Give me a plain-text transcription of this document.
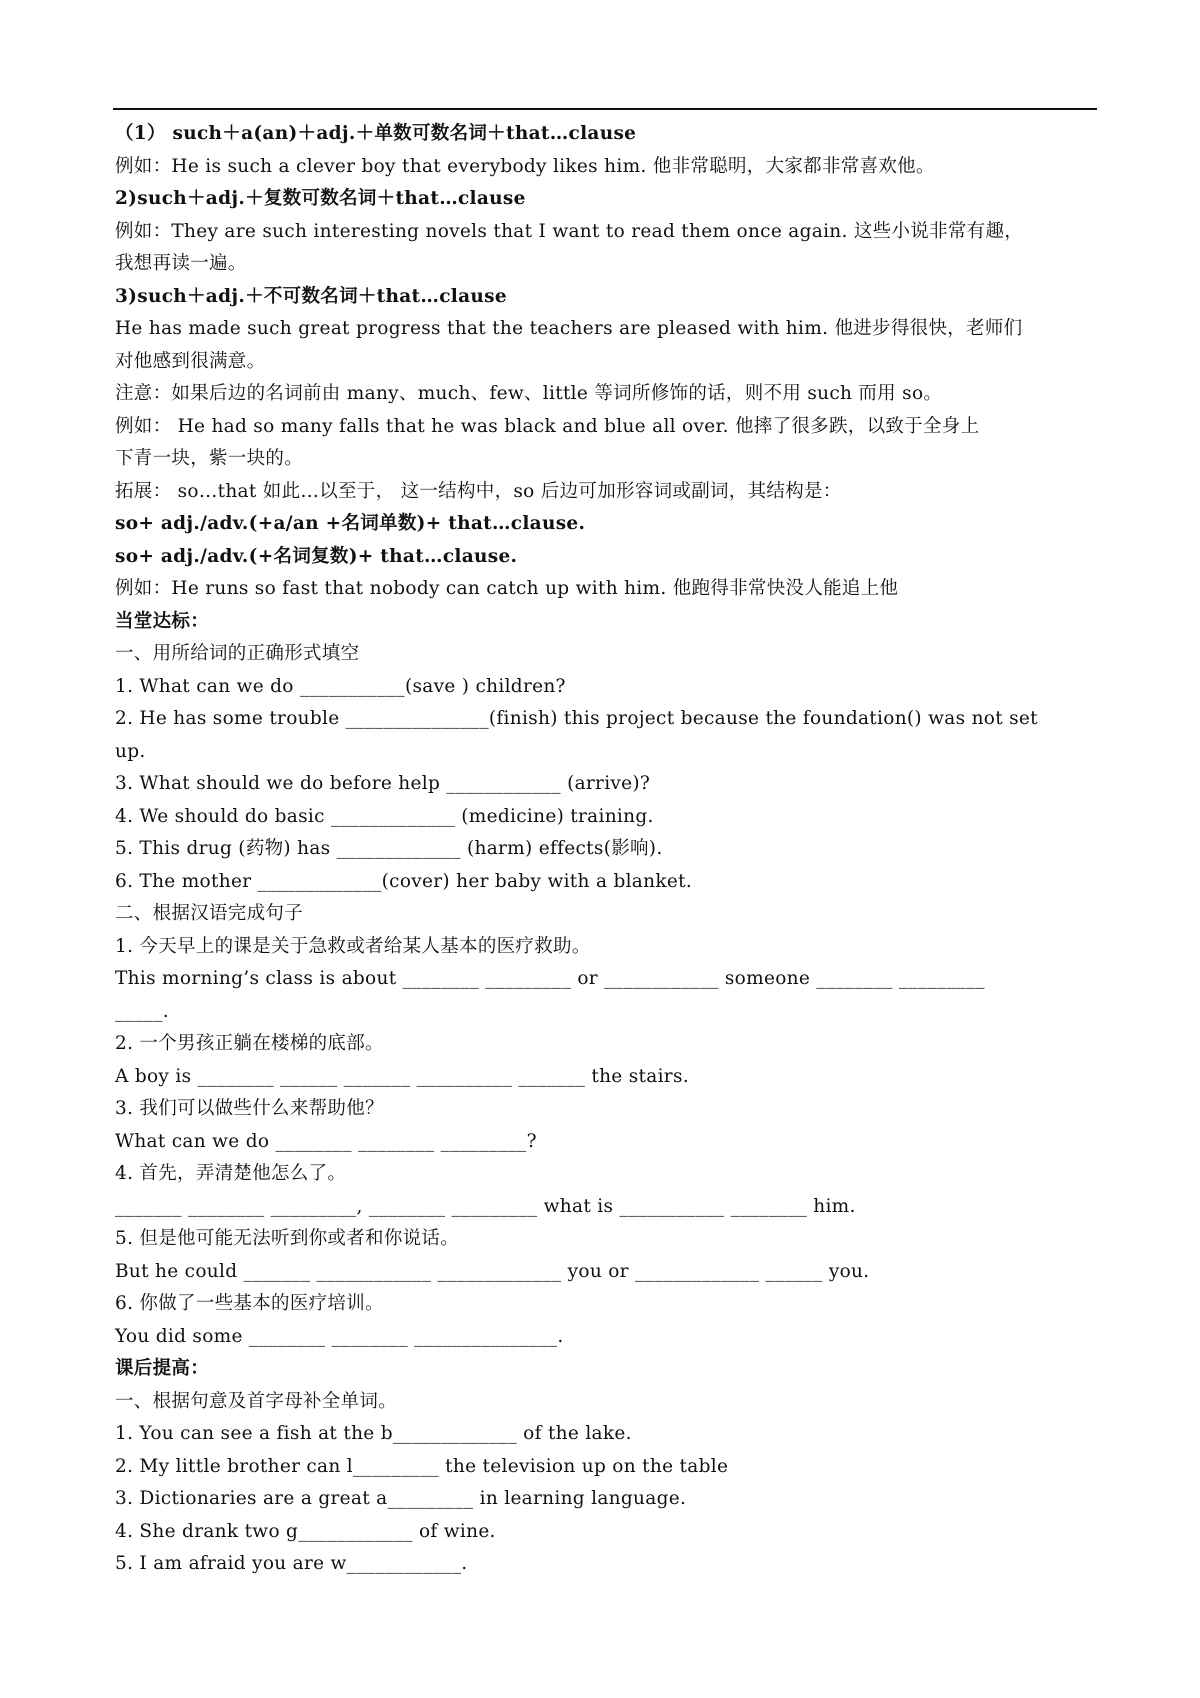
（1） such＋a(an)＋adj.＋单数可数名词＋that…clause
例如：He is such a clever boy that everybody likes him. 他非常聪明，大家都非常喜欢他。
2)such＋adj.＋复数可数名词＋that…clause
例如：They are such interesting novels that I want to read them once again. 这些小说非常有趣，
我想再读一遍。
3)such＋adj.＋不可数名词＋that…clause
He has made such great progress that the teachers are pleased with him. 他进步得很快，老师们
对他感到很满意。
注意：如果后边的名词前由 many、much、few、little 等词所修饰的话，则不用 such 而用 so。
例如： He had so many falls that he was black and blue all over. 他摔了很多跌，以致于全身上
下青一块，紫一块的。
拓展： so…that 如此…以至于， 这一结构中，so 后边可加形容词或副词，其结构是：
so+ adj./adv.(+a/an +名词单数)+ that…clause.
so+ adj./adv.(+名词复数)+ that…clause.
例如：He runs so fast that nobody can catch up with him. 他跑得非常快没人能追上他
当堂达标：
一、用所给词的正确形式填空
1. What can we do ___________(save ) children?
2. He has some trouble _______________(finish) this project because the foundation() was not set
up.
3. What should we do before help ____________ (arrive)?
4. We should do basic _____________ (medicine) training.
5. This drug (药物) has _____________ (harm) effects(影响).
6. The mother _____________(cover) her baby with a blanket.
二、根据汉语完成句子
1. 今天早上的课是关于急救或者给某人基本的医疗救助。
This morning’s class is about ________ _________ or ____________ someone ________ _________
_____.
2. 一个男孩正躺在楼梯的底部。
A boy is ________ ______ _______ __________ _______ the stairs.
3. 我们可以做些什么来帮助他？
What can we do ________ ________ _________?
4. 首先，弄清楚他怎么了。
_______ ________ _________, ________ _________ what is ___________ ________ him.
5. 但是他可能无法听到你或者和你说话。
But he could _______ ____________ _____________ you or _____________ ______ you.
6. 你做了一些基本的医疗培训。
You did some ________ ________ _______________.
课后提高：
一、根据句意及首字母补全单词。
1. You can see a fish at the b_____________ of the lake.
2. My little brother can l_________ the television up on the table
3. Dictionaries are a great a_________ in learning language.
4. She drank two g____________ of wine.
5. I am afraid you are w____________.
